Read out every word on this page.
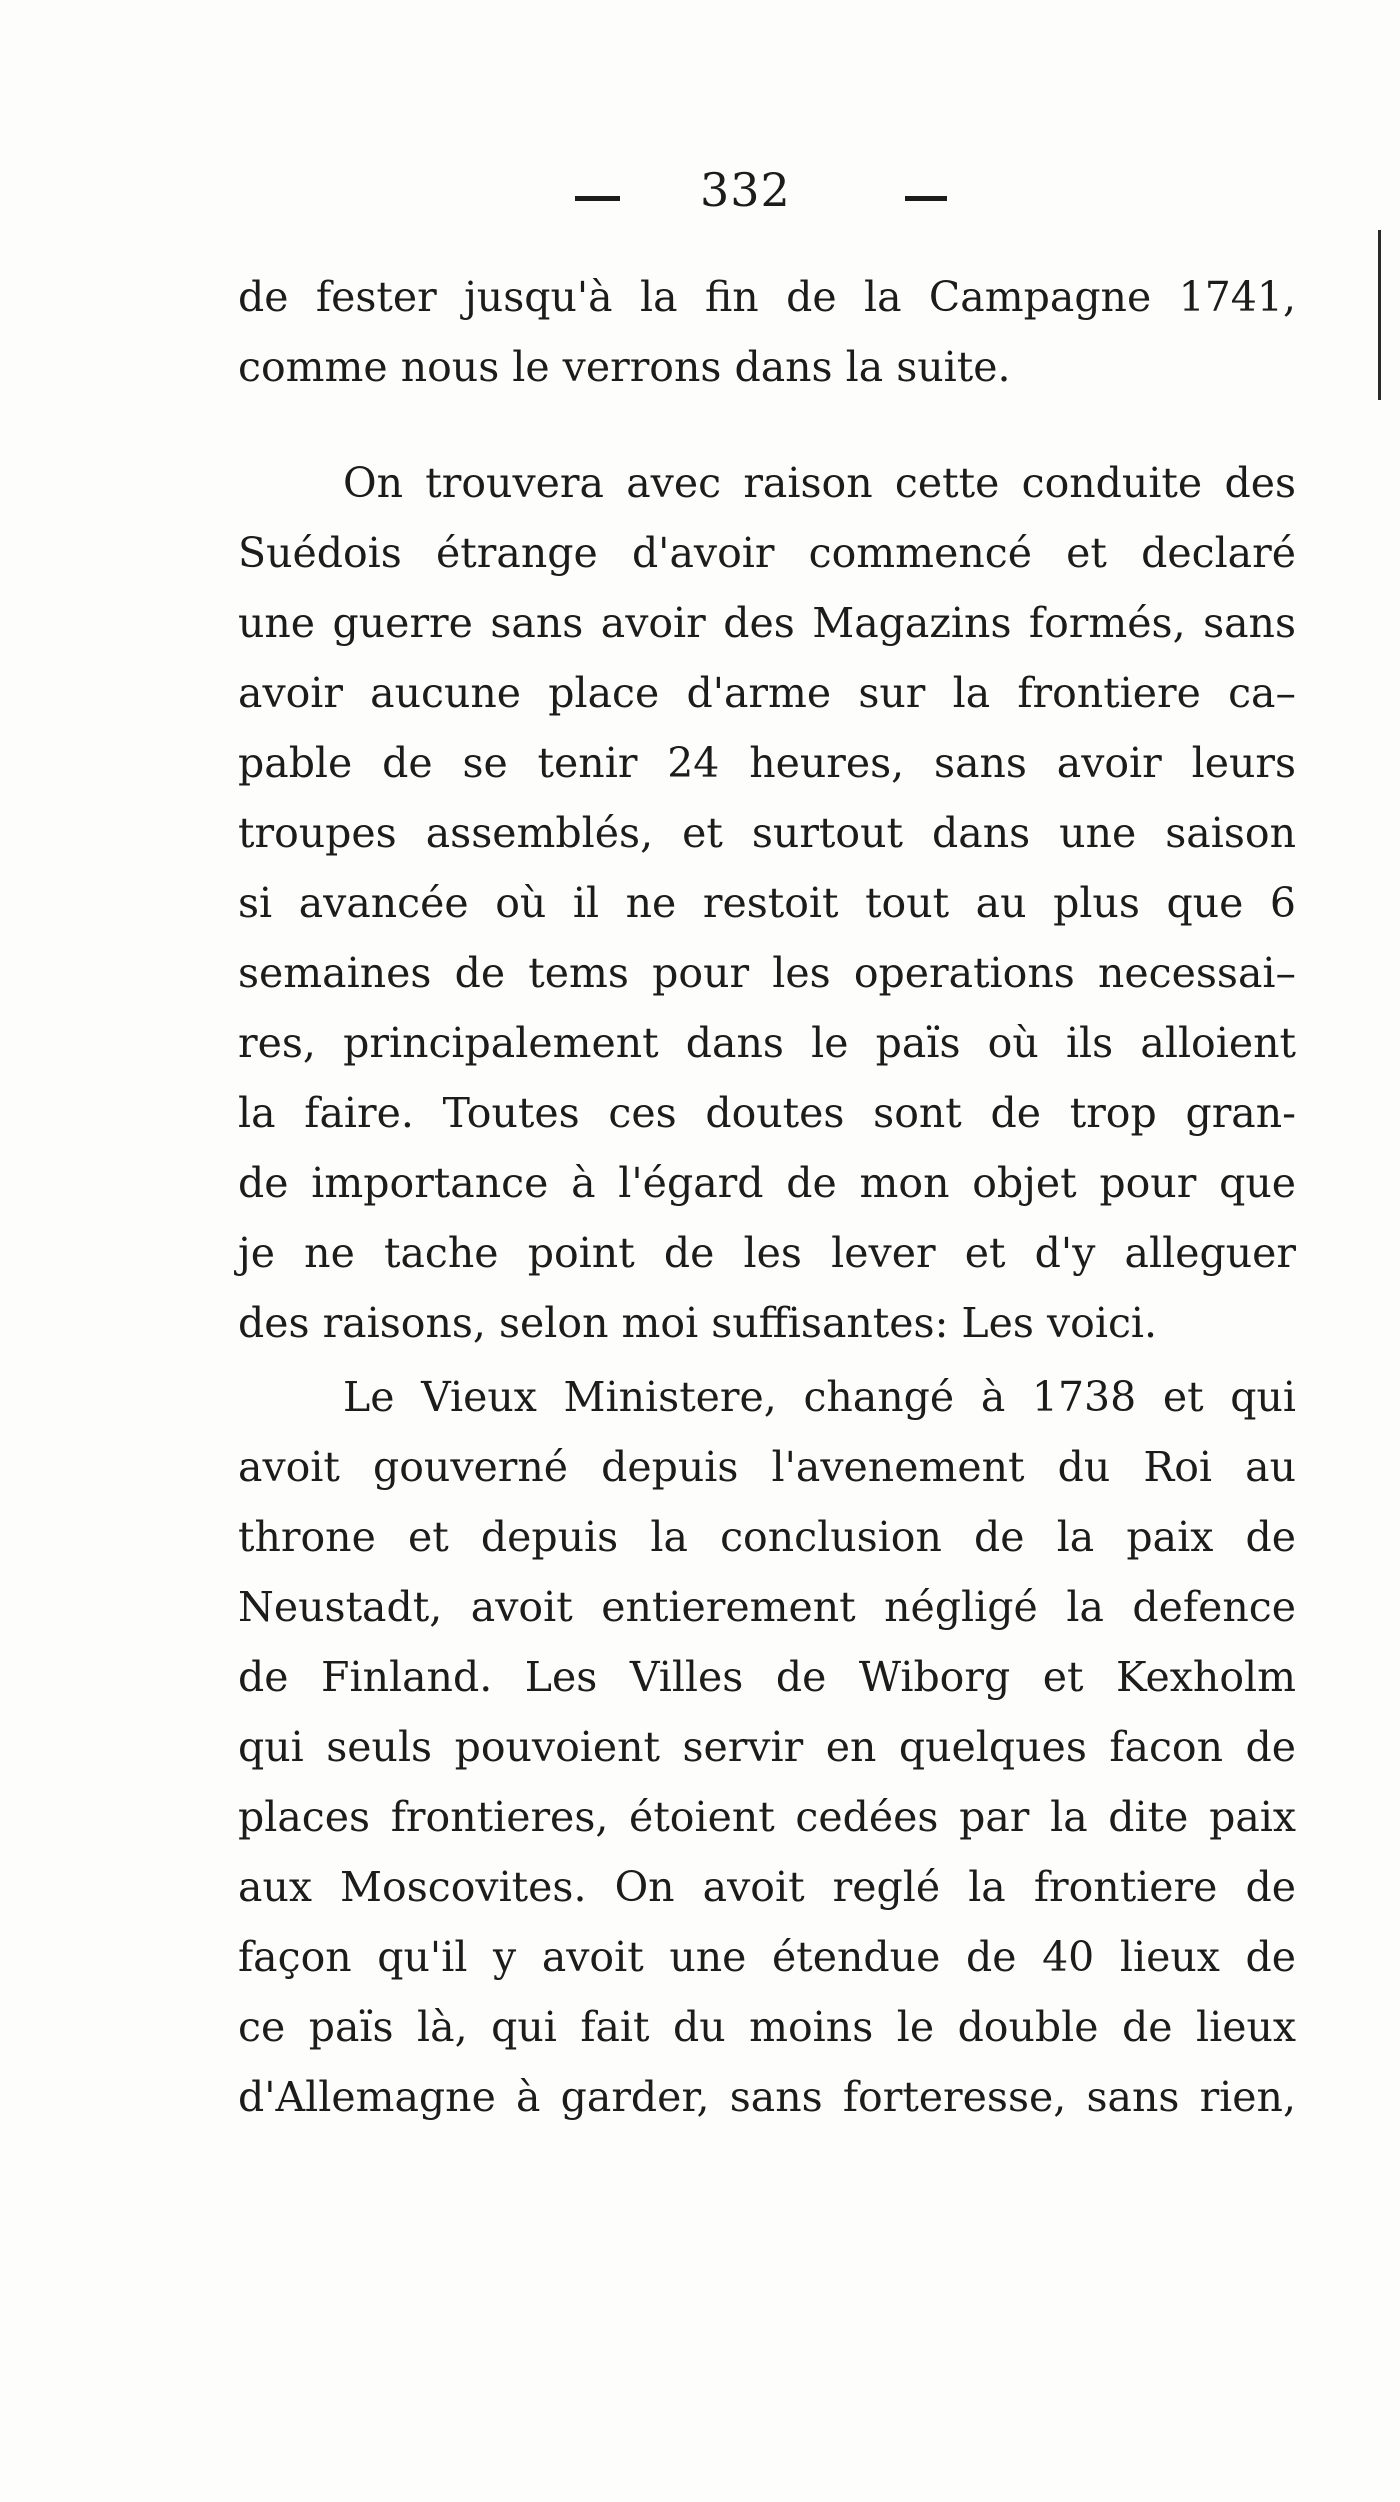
332
de fester jusqu'à la fin de la Campagne 1741,
comme nous le verrons dans la suite.
On trouvera avec raison cette conduite des
Suédois étrange d'avoir commencé et declaré
une guerre sans avoir des Magazins formés, sans
avoir aucune place d'arme sur la frontiere ca–
pable de se tenir 24 heures, sans avoir leurs
troupes assemblés, et surtout dans une saison
si avancée où il ne restoit tout au plus que 6
semaines de tems pour les operations necessai–
res, principalement dans le païs où ils alloient
la faire. Toutes ces doutes sont de trop gran-
de importance à l'égard de mon objet pour que
je ne tache point de les lever et d'y alleguer
des raisons, selon moi suffisantes: Les voici.
Le Vieux Ministere, changé à 1738 et qui
avoit gouverné depuis l'avenement du Roi au
throne et depuis la conclusion de la paix de
Neustadt, avoit entierement négligé la defence
de Finland. Les Villes de Wiborg et Kexholm
qui seuls pouvoient servir en quelques facon de
places frontieres, étoient cedées par la dite paix
aux Moscovites. On avoit reglé la frontiere de
façon qu'il y avoit une étendue de 40 lieux de
ce païs là, qui fait du moins le double de lieux
d'Allemagne à garder, sans forteresse, sans rien,
